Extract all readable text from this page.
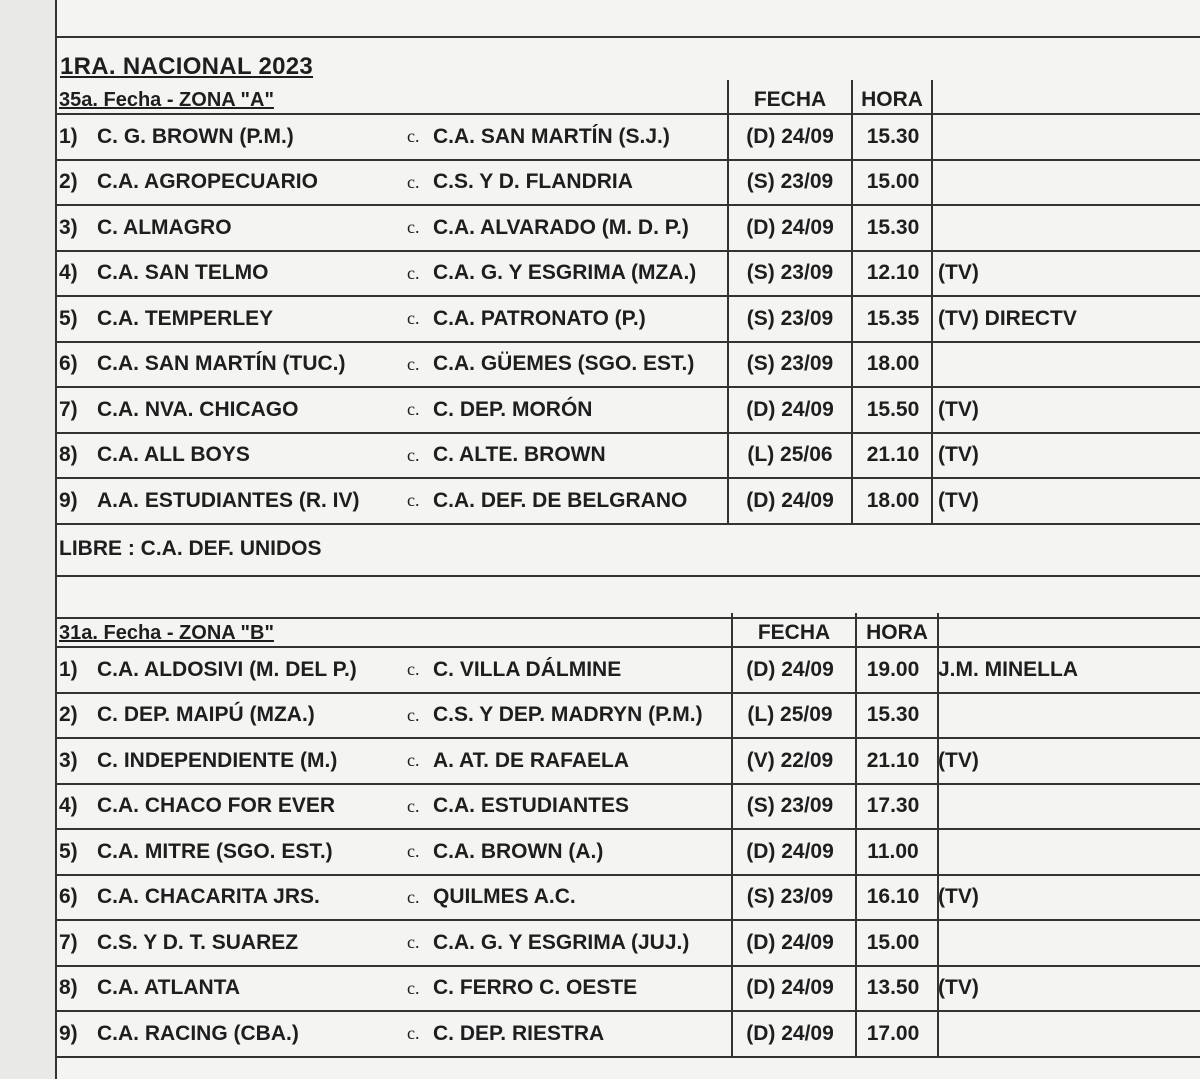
1RA. NACIONAL 2023
35a. Fecha - ZONA "A"	FECHA	HORA
1) C. G. BROWN (P.M.)	c. C.A. SAN MARTÍN (S.J.)	(D) 24/09	15.30
2) C.A. AGROPECUARIO	c. C.S. Y D. FLANDRIA	(S) 23/09	15.00
3) C. ALMAGRO	c. C.A. ALVARADO (M. D. P.)	(D) 24/09	15.30
4) C.A. SAN TELMO	c. C.A. G. Y ESGRIMA (MZA.)	(S) 23/09	12.10 (TV)
5) C.A. TEMPERLEY	c. C.A. PATRONATO (P.)	(S) 23/09	15.35 (TV) DIRECTV
6) C.A. SAN MARTÍN (TUC.)	c. C.A. GÜEMES (SGO. EST.)	(S) 23/09	18.00
7) C.A. NVA. CHICAGO	c. C. DEP. MORÓN	(D) 24/09	15.50 (TV)
8) C.A. ALL BOYS	c. C. ALTE. BROWN	(L) 25/06	21.10 (TV)
9) A.A. ESTUDIANTES (R. IV)	c. C.A. DEF. DE BELGRANO	(D) 24/09	18.00 (TV)
LIBRE : C.A. DEF. UNIDOS
31a. Fecha - ZONA "B"	FECHA	HORA
1) C.A. ALDOSIVI (M. DEL P.)	c. C. VILLA DÁLMINE	(D) 24/09	19.00 J.M. MINELLA
2) C. DEP. MAIPÚ (MZA.)	c. C.S. Y DEP. MADRYN (P.M.)	(L) 25/09	15.30
3) C. INDEPENDIENTE (M.)	c. A. AT. DE RAFAELA	(V) 22/09	21.10 (TV)
4) C.A. CHACO FOR EVER	c. C.A. ESTUDIANTES	(S) 23/09	17.30
5) C.A. MITRE (SGO. EST.)	c. C.A. BROWN (A.)	(D) 24/09	11.00
6) C.A. CHACARITA JRS.	c. QUILMES A.C.	(S) 23/09	16.10 (TV)
7) C.S. Y D. T. SUAREZ	c. C.A. G. Y ESGRIMA (JUJ.)	(D) 24/09	15.00
8) C.A. ATLANTA	c. C. FERRO C. OESTE	(D) 24/09	13.50 (TV)
9) C.A. RACING (CBA.)	c. C. DEP. RIESTRA	(D) 24/09	17.00
